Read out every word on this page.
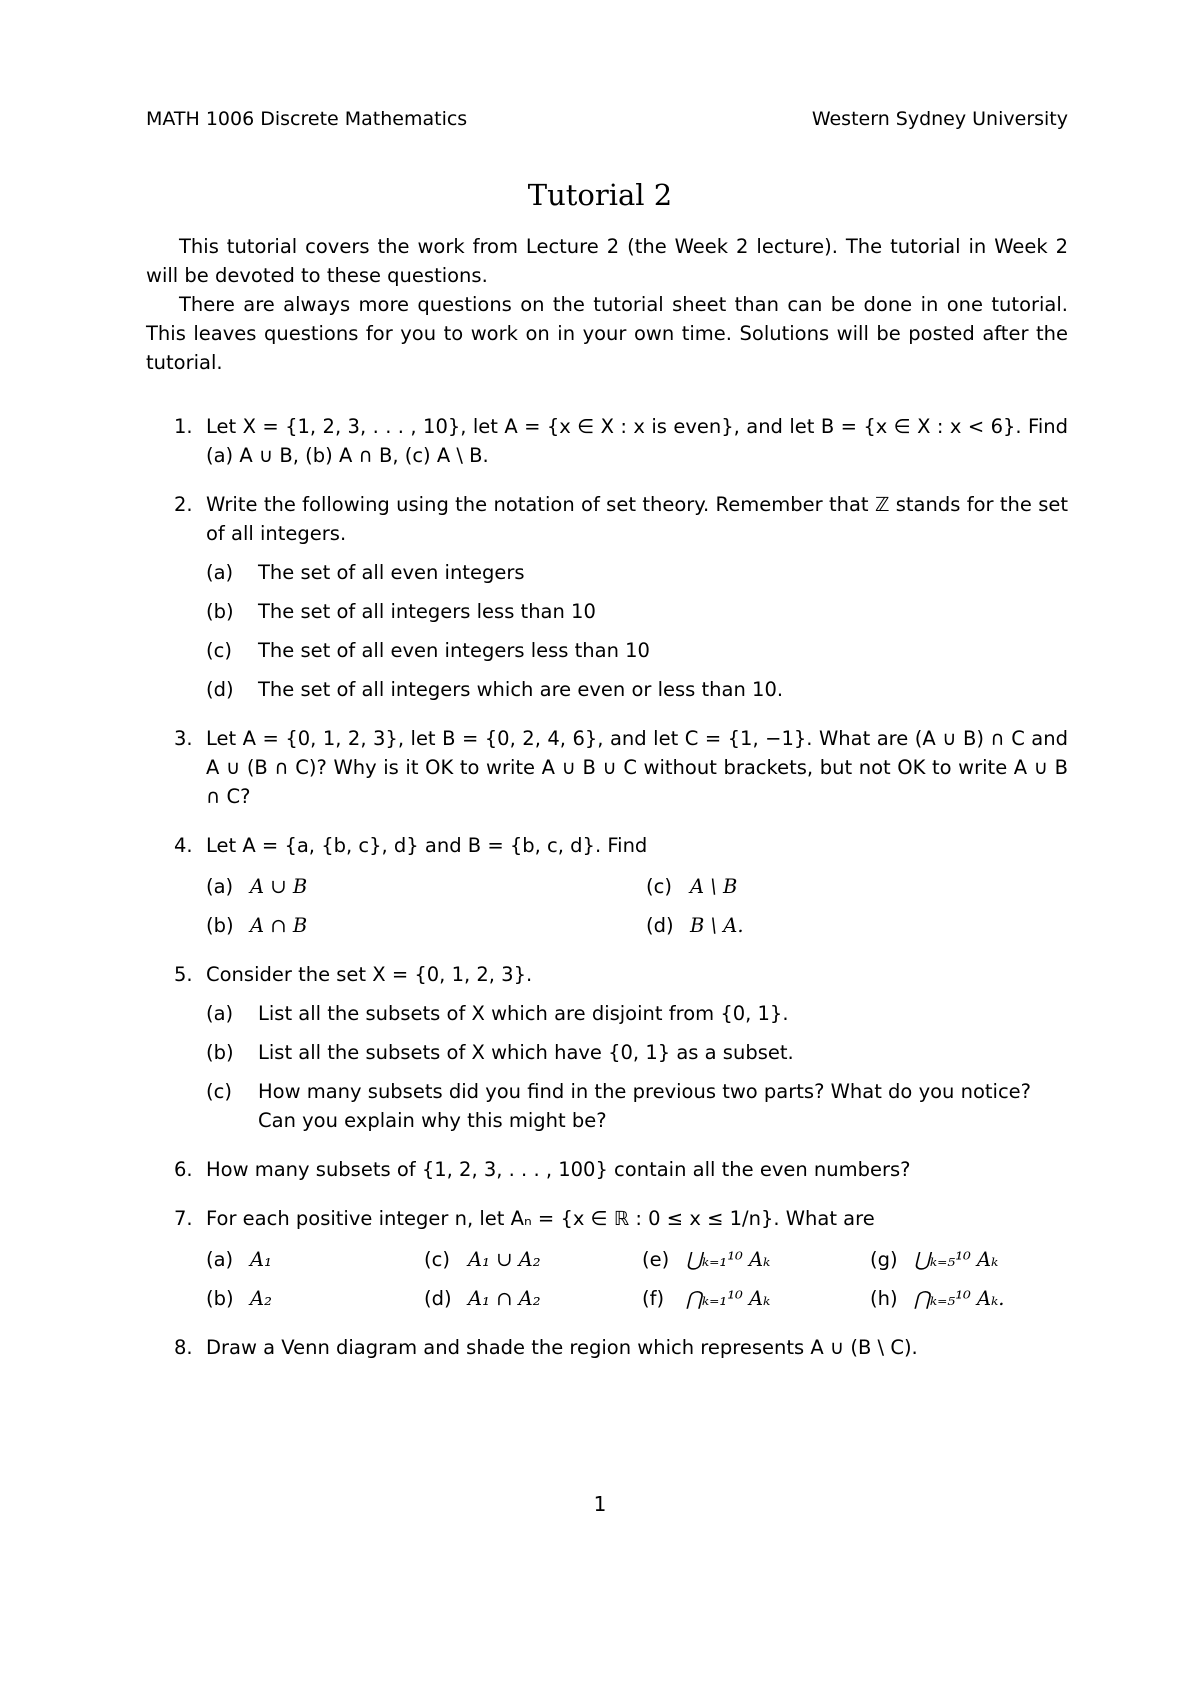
MATH 1006 Discrete Mathematics	Western Sydney University
Tutorial 2

This tutorial covers the work from Lecture 2 (the Week 2 lecture). The tutorial in Week 2 will be devoted to these questions.

There are always more questions on the tutorial sheet than can be done in one tutorial. This leaves questions for you to work on in your own time. Solutions will be posted after the tutorial.

1. Let X = {1, 2, 3, . . . , 10}, let A = {x ∈ X : x is even}, and let B = {x ∈ X : x < 6}. Find (a) A ∪ B, (b) A ∩ B, (c) A \ B.
2. Write the following using the notation of set theory. Remember that ℤ stands for the set of all integers.
(a) The set of all even integers
(b) The set of all integers less than 10
(c) The set of all even integers less than 10
(d) The set of all integers which are even or less than 10.
3. Let A = {0, 1, 2, 3}, let B = {0, 2, 4, 6}, and let C = {1, −1}. What are (A ∪ B) ∩ C and A ∪ (B ∩ C)? Why is it OK to write A ∪ B ∪ C without brackets, but not OK to write A ∪ B ∩ C?
4. Let A = {a, {b, c}, d} and B = {b, c, d}. Find
(a) A ∪ B	(c) A \ B
(b) A ∩ B	(d) B \ A.
5. Consider the set X = {0, 1, 2, 3}.
(a) List all the subsets of X which are disjoint from {0, 1}.
(b) List all the subsets of X which have {0, 1} as a subset.
(c) How many subsets did you find in the previous two parts? What do you notice? Can you explain why this might be?
6. How many subsets of {1, 2, 3, . . . , 100} contain all the even numbers?
7. For each positive integer n, let Aₙ = {x ∈ ℝ : 0 ≤ x ≤ 1/n}. What are
(a) A₁	(c) A₁ ∪ A₂	(e) ⋃ₖ₌₁¹⁰ Aₖ	(g) ⋃ₖ₌₅¹⁰ Aₖ
(b) A₂	(d) A₁ ∩ A₂	(f) ⋂ₖ₌₁¹⁰ Aₖ	(h) ⋂ₖ₌₅¹⁰ Aₖ.
8. Draw a Venn diagram and shade the region which represents A ∪ (B \ C).
1
